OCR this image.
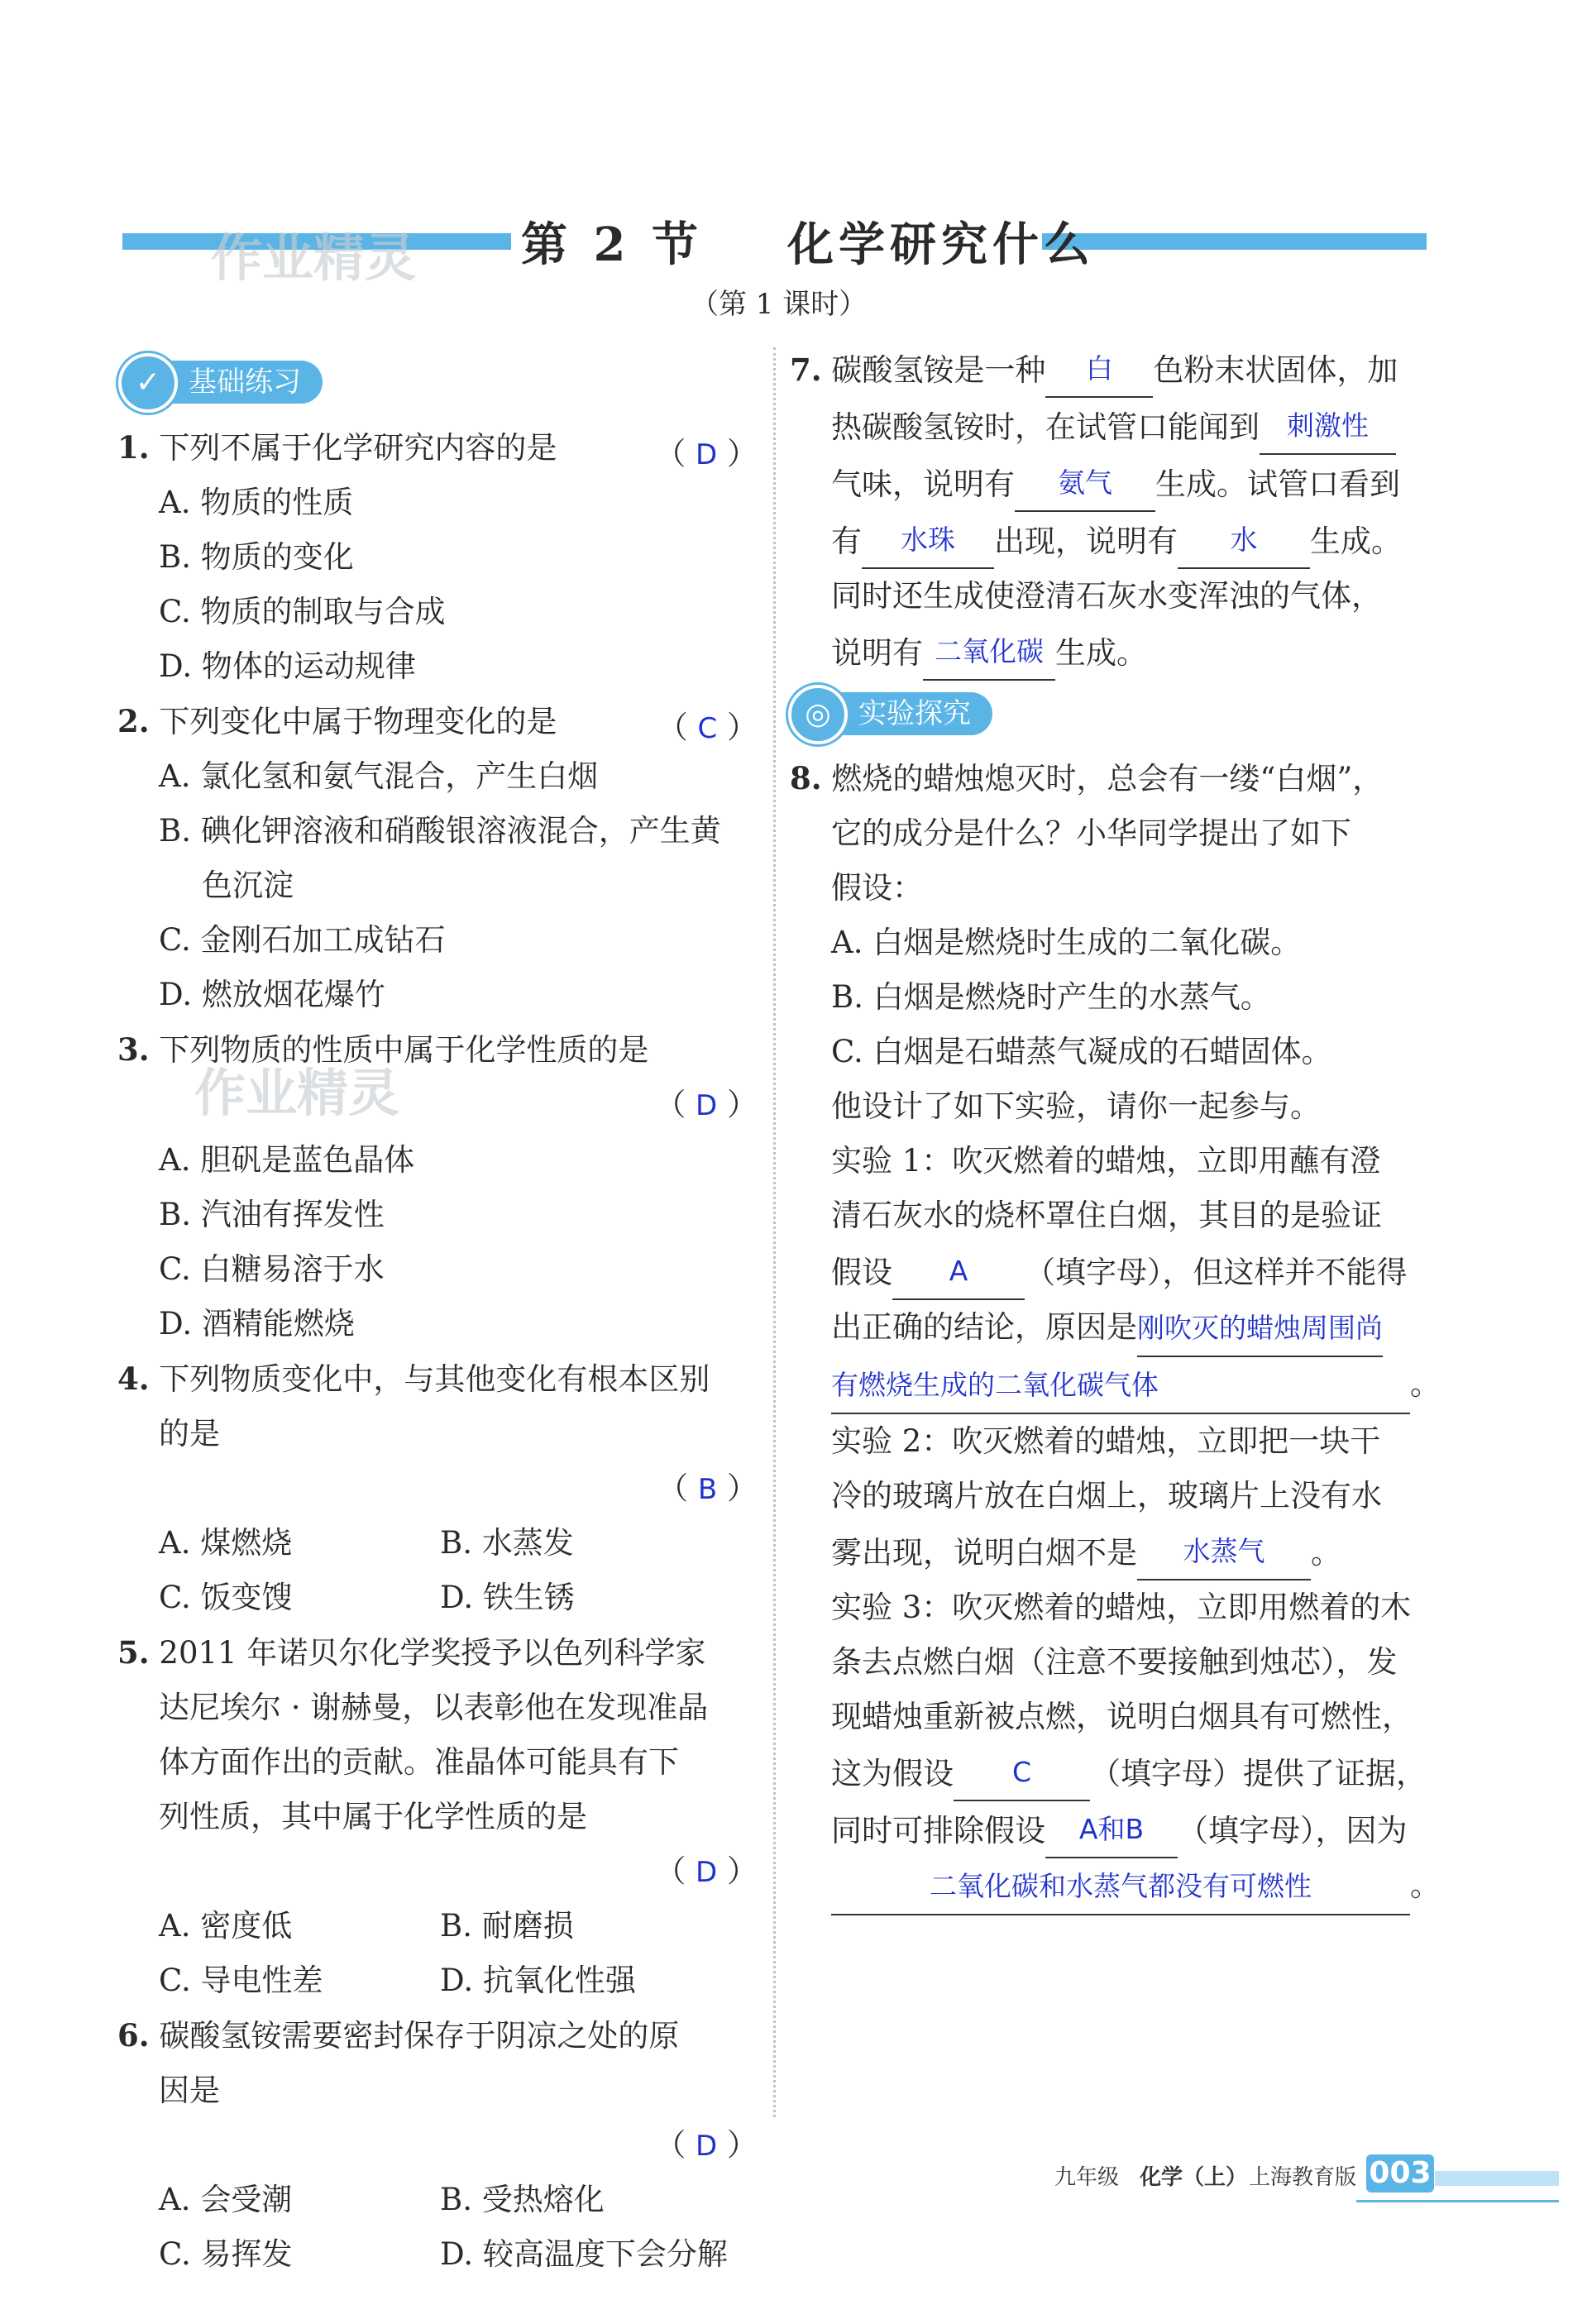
第 2 节    化学研究什么
（第 1 课时）
作业精灵
作业精灵
基础练习
✓
1. 下列不属于化学研究内容的是	（ D ）
A. 物质的性质
B. 物质的变化
C. 物质的制取与合成
D. 物体的运动规律
2. 下列变化中属于物理变化的是	（ C ）
A. 氯化氢和氨气混合，产生白烟
B. 碘化钾溶液和硝酸银溶液混合，产生黄
色沉淀
C. 金刚石加工成钻石
D. 燃放烟花爆竹
3. 下列物质的性质中属于化学性质的是
（ D ）
A. 胆矾是蓝色晶体
B. 汽油有挥发性
C. 白糖易溶于水
D. 酒精能燃烧
4. 下列物质变化中，与其他变化有根本区别
的是

（ B ）
A. 煤燃烧	B. 水蒸发
C. 饭变馊	D. 铁生锈
5. 2011 年诺贝尔化学奖授予以色列科学家
达尼埃尔 · 谢赫曼，以表彰他在发现准晶
体方面作出的贡献。准晶体可能具有下
列性质，其中属于化学性质的是

（ D ）
A. 密度低	B. 耐磨损
C. 导电性差	D. 抗氧化性强
6. 碳酸氢铵需要密封保存于阴凉之处的原
因是

（ D ）
A. 会受潮	B. 受热熔化
C. 易挥发	D. 较高温度下会分解
7. 碳酸氢铵是一种 白 色粉末状固体，加
热碳酸氢铵时，在试管口能闻到 刺激性
气味，说明有 氨气 生成。试管口看到
有 水珠 出现，说明有 水 生成。
同时还生成使澄清石灰水变浑浊的气体，
说明有 二氧化碳 生成。
实验探究
◎
8. 燃烧的蜡烛熄灭时，总会有一缕“白烟”，
它的成分是什么？小华同学提出了如下
假设：
A. 白烟是燃烧时生成的二氧化碳。
B. 白烟是燃烧时产生的水蒸气。
C. 白烟是石蜡蒸气凝成的石蜡固体。
他设计了如下实验，请你一起参与。
实验 1：吹灭燃着的蜡烛，立即用蘸有澄
清石灰水的烧杯罩住白烟，其目的是验证
假设 A （填字母），但这样并不能得
出正确的结论，原因是刚吹灭的蜡烛周围尚
有燃烧生成的二氧化碳气体	。
实验 2：吹灭燃着的蜡烛，立即把一块干
冷的玻璃片放在白烟上，玻璃片上没有水
雾出现，说明白烟不是 水蒸气 。
实验 3：吹灭燃着的蜡烛，立即用燃着的木
条去点燃白烟（注意不要接触到烛芯），发
现蜡烛重新被点燃，说明白烟具有可燃性，
这为假设 C （填字母）提供了证据，
同时可排除假设 A和B （填字母），因为
二氧化碳和水蒸气都没有可燃性	。
九年级 化学（上） 上海教育版 003
